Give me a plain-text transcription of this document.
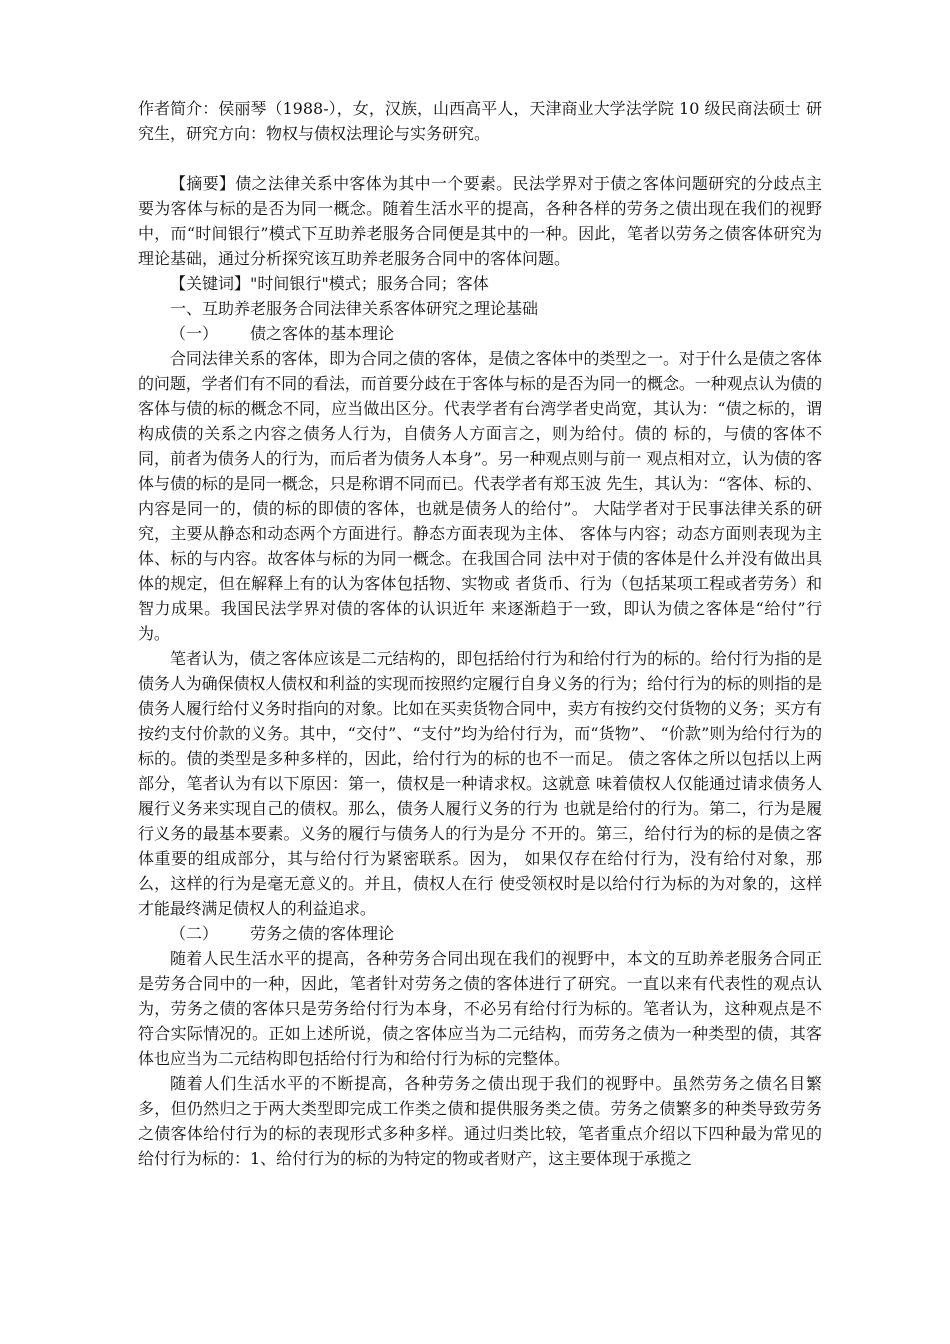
作者简介：侯丽琴（1988-），女，汉族，山西高平人，天津商业大学法学院 10 级民商法硕士 研究生，研究方向：物权与债权法理论与实务研究。

【摘要】债之法律关系中客体为其中一个要素。民法学界对于债之客体问题研究的分歧点主要为客体与标的是否为同一概念。随着生活水平的提高，各种各样的劳务之债出现在我们的视野中，而“时间银行”模式下互助养老服务合同便是其中的一种。因此，笔者以劳务之债客体研究为理论基础，通过分析探究该互助养老服务合同中的客体问题。

【关键词】"时间银行"模式；服务合同；客体

一、互助养老服务合同法律关系客体研究之理论基础

（一） 债之客体的基本理论

合同法律关系的客体，即为合同之债的客体，是债之客体中的类型之一。对于什么是债之客体的问题，学者们有不同的看法，而首要分歧在于客体与标的是否为同一的概念。一种观点认为债的客体与债的标的概念不同，应当做出区分。代表学者有台湾学者史尚宽，其认为：“债之标的，谓构成债的关系之内容之债务人行为，自债务人方面言之，则为给付。债的 标的，与债的客体不同，前者为债务人的行为，而后者为债务人本身”。另一种观点则与前一 观点相对立，认为债的客体与债的标的是同一概念，只是称谓不同而已。代表学者有郑玉波 先生，其认为：“客体、标的、内容是同一的，债的标的即债的客体，也就是债务人的给付”。 大陆学者对于民事法律关系的研究，主要从静态和动态两个方面进行。静态方面表现为主体、 客体与内容；动态方面则表现为主体、标的与内容。故客体与标的为同一概念。在我国合同 法中对于债的客体是什么并没有做出具体的规定，但在解释上有的认为客体包括物、实物或 者货币、行为（包括某项工程或者劳务）和智力成果。我国民法学界对债的客体的认识近年 来逐渐趋于一致，即认为债之客体是“给付”行为。

笔者认为，债之客体应该是二元结构的，即包括给付行为和给付行为的标的。给付行为指的是债务人为确保债权人债权和利益的实现而按照约定履行自身义务的行为；给付行为的标的则指的是债务人履行给付义务时指向的对象。比如在买卖货物合同中，卖方有按约交付货物的义务；买方有按约支付价款的义务。其中，“交付”、“支付”均为给付行为，而“货物”、 “价款”则为给付行为的标的。债的类型是多种多样的，因此，给付行为的标的也不一而足。 债之客体之所以包括以上两部分，笔者认为有以下原因：第一，债权是一种请求权。这就意 味着债权人仅能通过请求债务人履行义务来实现自己的债权。那么，债务人履行义务的行为 也就是给付的行为。第二，行为是履行义务的最基本要素。义务的履行与债务人的行为是分 不开的。第三，给付行为的标的是债之客体重要的组成部分，其与给付行为紧密联系。因为， 如果仅存在给付行为，没有给付对象，那么，这样的行为是毫无意义的。并且，债权人在行 使受领权时是以给付行为标的为对象的，这样才能最终满足债权人的利益追求。

（二） 劳务之债的客体理论

随着人民生活水平的提高，各种劳务合同出现在我们的视野中，本文的互助养老服务合同正是劳务合同中的一种，因此，笔者针对劳务之债的客体进行了研究。一直以来有代表性的观点认为，劳务之债的客体只是劳务给付行为本身，不必另有给付行为标的。笔者认为，这种观点是不符合实际情况的。正如上述所说，债之客体应当为二元结构，而劳务之债为一种类型的债，其客体也应当为二元结构即包括给付行为和给付行为标的完整体。

随着人们生活水平的不断提高，各种劳务之债出现于我们的视野中。虽然劳务之债名目繁多，但仍然归之于两大类型即完成工作类之债和提供服务类之债。劳务之债繁多的种类导致劳务之债客体给付行为的标的表现形式多种多样。通过归类比较，笔者重点介绍以下四种最为常见的给付行为标的：1、给付行为的标的为特定的物或者财产，这主要体现于承揽之
